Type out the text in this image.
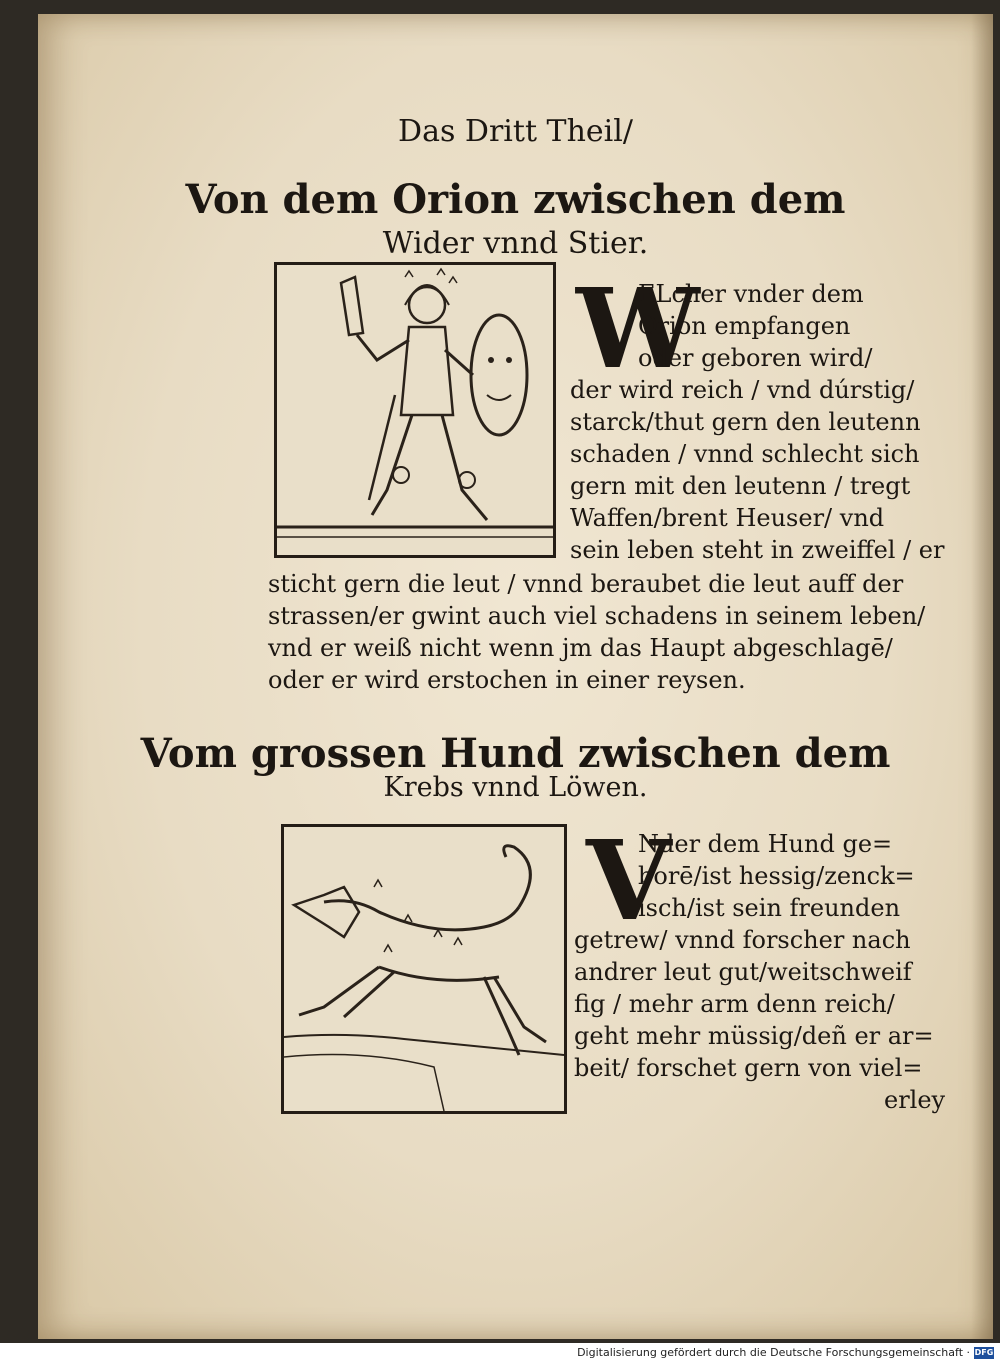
Das Dritt Theil/
Von dem Orion zwischen dem
Wider vnnd Stier.
W
ELcher vnder dem
Orion empfangen
oder geboren wird/
der wird reich / vnd dúrstig/
starck/thut gern den leutenn
schaden / vnnd schlecht sich
gern mit den leutenn / tregt
Waffen/brent Heuser/ vnd
sein leben steht in zweiffel / er
sticht gern die leut / vnnd beraubet die leut auff der
strassen/er gwint auch viel schadens in seinem leben/
vnd er weiß nicht wenn jm das Haupt abgeschlagē/
oder er wird erstochen in einer reysen.
Vom grossen Hund zwischen dem
Krebs vnnd Löwen.
V
Nder dem Hund ge=
borē/ist hessig/zenck=
isch/ist sein freunden
getrew/ vnnd forscher nach
andrer leut gut/weitschweif
fig / mehr arm denn reich/
geht mehr müssig/deñ er ar=
beit/ forschet gern von viel=
erley
Digitalisierung gefördert durch die Deutsche Forschungsgemeinschaft · DFG
